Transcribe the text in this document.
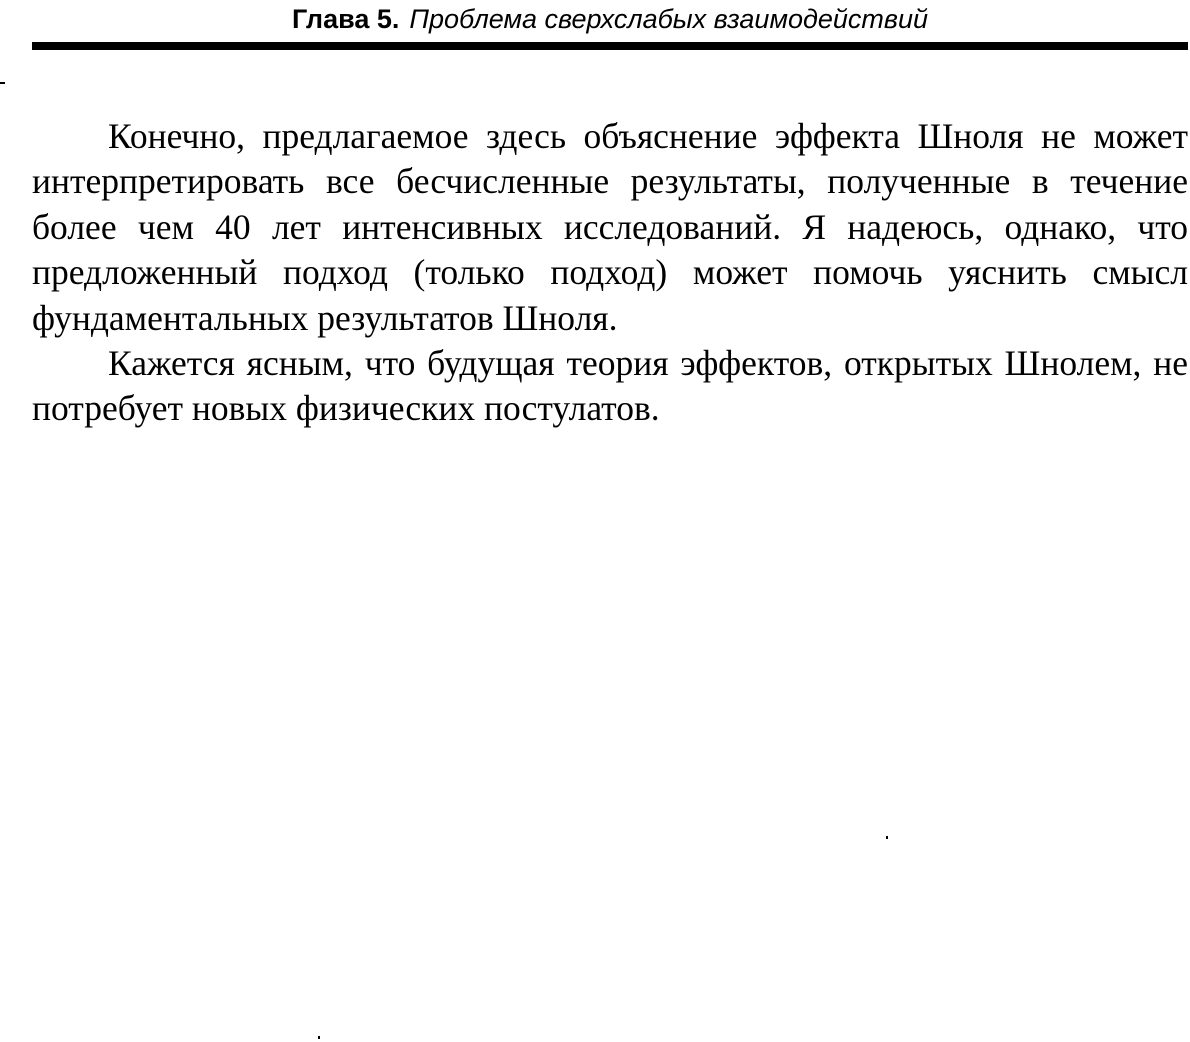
Глава 5. Проблема сверхслабых взаимодействий

Конечно, предлагаемое здесь объяснение эффекта Шноля не может интерпретировать все бесчисленные результаты, полученные в течение более чем 40 лет интенсивных исследований. Я надеюсь, однако, что предложенный подход (только подход) может помочь уяснить смысл фундаментальных результатов Шноля.

Кажется ясным, что будущая теория эффектов, открытых Шнолем, не потребует новых физических постулатов.
